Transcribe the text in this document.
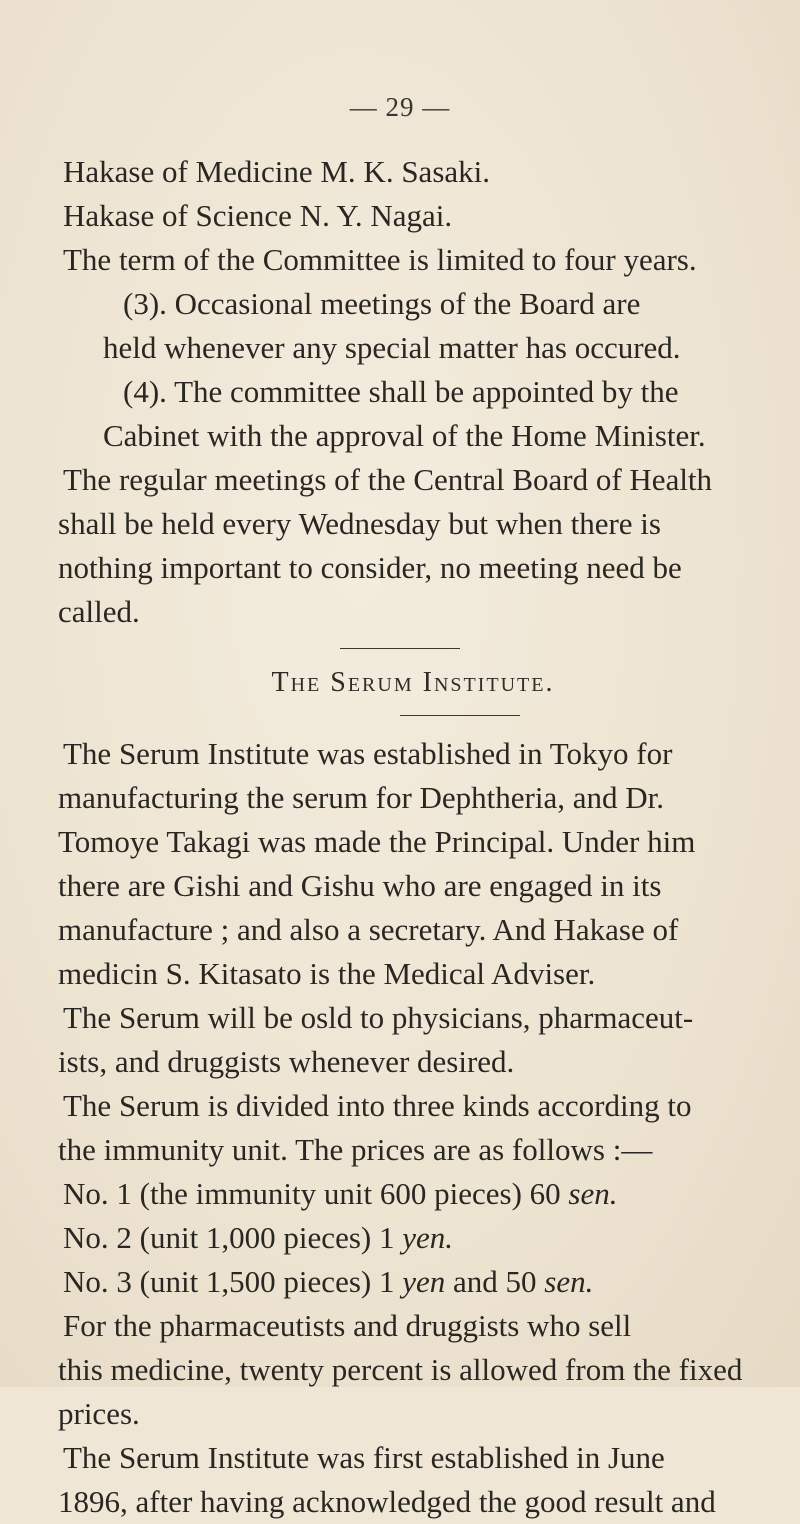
— 29 —
Hakase of Medicine M. K. Sasaki.
Hakase of Science N. Y. Nagai.
The term of the Committee is limited to four years.
(3). Occasional meetings of the Board are
held whenever any special matter has occured.
(4). The committee shall be appointed by the
Cabinet with the approval of the Home Minister.
The regular meetings of the Central Board of Health
shall be held every Wednesday but when there is
nothing important to consider, no meeting need be
called.
The Serum Institute.
The Serum Institute was established in Tokyo for
manufacturing the serum for Dephtheria, and Dr.
Tomoye Takagi was made the Principal. Under him
there are Gishi and Gishu who are engaged in its
manufacture ; and also a secretary. And Hakase of
medicin S. Kitasato is the Medical Adviser.
The Serum will be osld to physicians, pharmaceut-
ists, and druggists whenever desired.
The Serum is divided into three kinds according to
the immunity unit. The prices are as follows :—
No. 1 (the immunity unit 600 pieces) 60 sen.
No. 2 (unit 1,000 pieces) 1 yen.
No. 3 (unit 1,500 pieces) 1 yen and 50 sen.
For the pharmaceutists and druggists who sell
this medicine, twenty percent is allowed from the fixed
prices.
The Serum Institute was first established in June
1896, after having acknowledged the good result and
